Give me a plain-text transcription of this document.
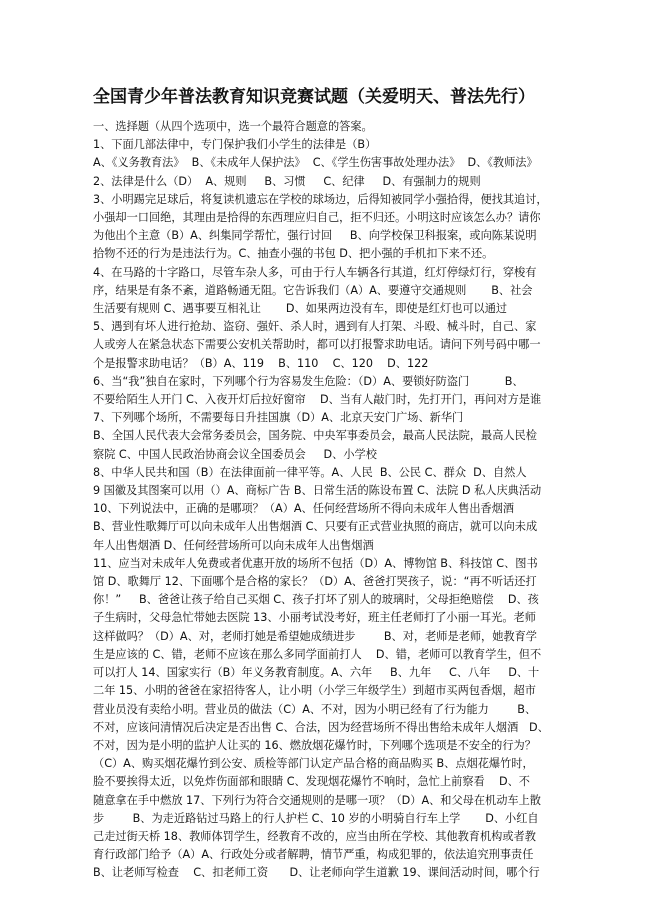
全国青少年普法教育知识竞赛试题（关爱明天、普法先行）
一、选择题（从四个选项中，选一个最符合题意的答案。
1、下面几部法律中，专门保护我们小学生的法律是（B）
A、《义务教育法》  B、《未成年人保护法》  C、《学生伤害事故处理办法》  D、《教师法》
2、法律是什么（D）  A、规则     B、习惯     C、纪律     D、有强制力的规则
3、小明踢完足球后，将复读机遗忘在学校的球场边，后得知被同学小强拾得，便找其追讨，
小强却一口回绝，其理由是拾得的东西理应归自己，拒不归还。小明这时应该怎么办？请你
为他出个主意（B）A、纠集同学帮忙，强行讨回     B、向学校保卫科报案，或向陈某说明
拾物不还的行为是违法行为。C、抽查小强的书包 D、把小强的手机扣下来不还。
4、在马路的十字路口，尽管车杂人多，可由于行人车辆各行其道，红灯停绿灯行，穿梭有
序，结果是有条不紊，道路畅通无阻。它告诉我们（A）A、要遵守交通规则       B、社会
生活要有规则 C、遇事要互相礼让       D、如果两边没有车，即使是红灯也可以通过
5、遇到有坏人进行抢劫、盗窃、强奸、杀人时，遇到有人打架、斗殴、械斗时，自己、家
人或旁人在紧急状态下需要公安机关帮助时，都可以打报警求助电话。请问下列号码中哪一
个是报警求助电话？（B）A、119    B、110    C、120    D、122
6、当“我”独自在家时，下列哪个行为容易发生危险：（D）A、要锁好防盗门          B、
不要给陌生人开门 C、入夜开灯后拉好窗帘    D、当有人敲门时，先打开门，再问对方是谁
7、下列哪个场所，不需要每日升挂国旗（D）A、北京天安门广场、新华门
B、全国人民代表大会常务委员会，国务院、中央军事委员会，最高人民法院，最高人民检
察院 C、中国人民政治协商会议全国委员会     D、小学校
8、中华人民共和国（B）在法律面前一律平等。A、人民  B、公民 C、群众  D、自然人
9 国徽及其图案可以用（）A、商标广告 B、日常生活的陈设布置 C、法院 D 私人庆典活动
10、下列说法中，正确的是哪项？（A）A、任何经营场所不得向未成年人售出香烟酒
B、营业性歌舞厅可以向未成年人出售烟酒 C、只要有正式营业执照的商店，就可以向未成
年人出售烟酒 D、任何经营场所可以向未成年人出售烟酒
11、应当对未成年人免费或者优惠开放的场所不包括（D）A、博物馆 B、科技馆 C、图书
馆 D、歌舞厅 12、下面哪个是合格的家长？（D）A、爸爸打哭孩子，说：“再不听话还打
你！”     B、爸爸让孩子给自己买烟 C、孩子打坏了别人的玻璃时，父母拒绝赔偿    D、孩
子生病时，父母急忙带她去医院 13、小丽考试没考好，班主任老师打了小丽一耳光。老师
这样做吗？（D）A、对，老师打她是希望她成绩进步        B、对，老师是老师，她教育学
生是应该的 C、错，老师不应该在那么多同学面前打人    D、错，老师可以教育学生，但不
可以打人 14、国家实行（B）年义务教育制度。A、六年     B、九年     C、八年     D、十
二年 15、小明的爸爸在家招待客人，让小明（小学三年级学生）到超市买两包香烟，超市
营业员没有卖给小明。营业员的做法（C）A、不对，因为小明已经有了行为能力        B、
不对，应该问清情况后决定是否出售 C、合法，因为经营场所不得出售给未成年人烟酒   D、
不对，因为是小明的监护人让买的 16、燃放烟花爆竹时，下列哪个选项是不安全的行为？
（C）A、购买烟花爆竹到公安、质检等部门认定产品合格的商品购买 B、点烟花爆竹时，
脸不要挨得太近，以免炸伤面部和眼睛 C、发现烟花爆竹不响时，急忙上前察看    D、不
随意拿在手中燃放 17、下列行为符合交通规则的是哪一项？（D）A、和父母在机动车上散
步        B、为走近路钻过马路上的行人护栏 C、10 岁的小明骑自行车上学       D、小红自
己走过街天桥 18、教师体罚学生，经教育不改的，应当由所在学校、其他教育机构或者教
育行政部门给予（A）A、行政处分或者解聘，情节严重，构成犯罪的，依法追究刑事责任
B、让老师写检查    C、扣老师工资      D、让老师向学生道歉 19、课间活动时间，哪个行
